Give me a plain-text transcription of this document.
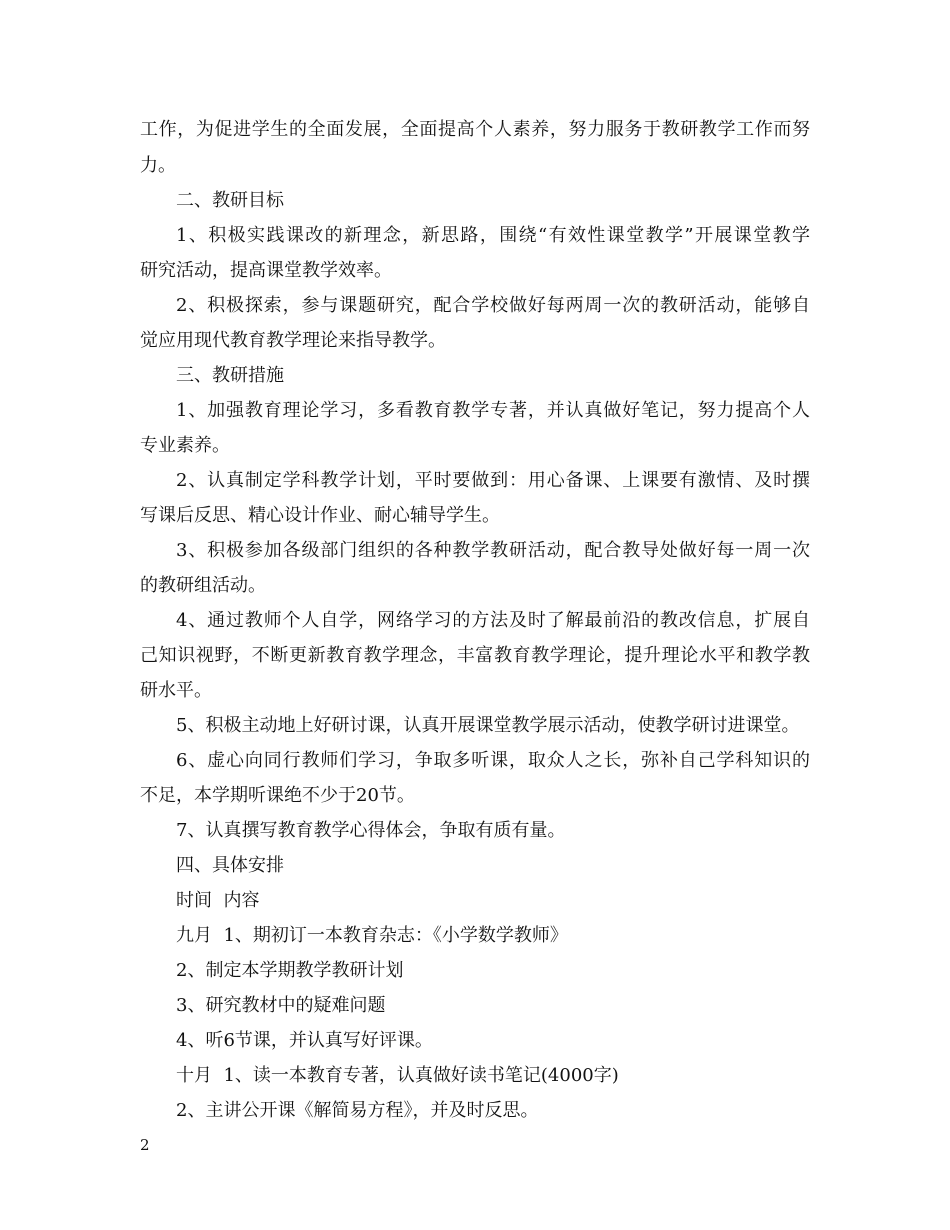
工作，为促进学生的全面发展，全面提高个人素养，努力服务于教研教学工作而努
力。
二、教研目标
1、积极实践课改的新理念，新思路，围绕“有效性课堂教学”开展课堂教学
研究活动，提高课堂教学效率。
2、积极探索，参与课题研究，配合学校做好每两周一次的教研活动，能够自
觉应用现代教育教学理论来指导教学。
三、教研措施
1、加强教育理论学习，多看教育教学专著，并认真做好笔记，努力提高个人
专业素养。
2、认真制定学科教学计划，平时要做到：用心备课、上课要有激情、及时撰
写课后反思、精心设计作业、耐心辅导学生。
3、积极参加各级部门组织的各种教学教研活动，配合教导处做好每一周一次
的教研组活动。
4、通过教师个人自学，网络学习的方法及时了解最前沿的教改信息，扩展自
己知识视野，不断更新教育教学理念，丰富教育教学理论，提升理论水平和教学教
研水平。
5、积极主动地上好研讨课，认真开展课堂教学展示活动，使教学研讨进课堂。
6、虚心向同行教师们学习，争取多听课，取众人之长，弥补自己学科知识的
不足，本学期听课绝不少于20节。
7、认真撰写教育教学心得体会，争取有质有量。
四、具体安排
时间  内容
九月  1、期初订一本教育杂志：《小学数学教师》
2、制定本学期教学教研计划
3、研究教材中的疑难问题
4、听6节课，并认真写好评课。
十月  1、读一本教育专著，认真做好读书笔记(4000字)
2、主讲公开课《解简易方程》，并及时反思。
2
